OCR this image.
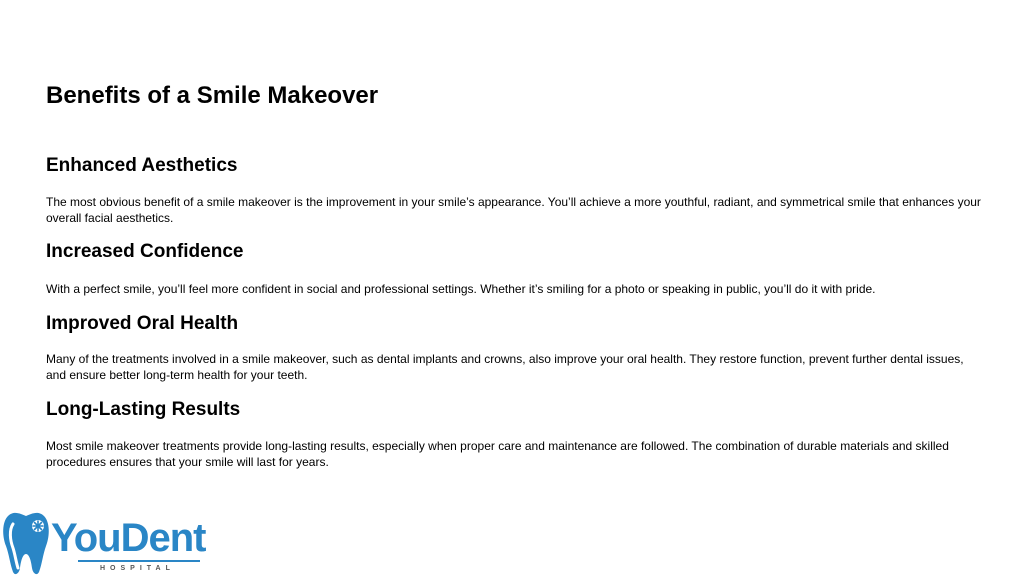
Benefits of a Smile Makeover
Enhanced Aesthetics

The most obvious benefit of a smile makeover is the improvement in your smile’s appearance. You’ll achieve a more youthful, radiant, and symmetrical smile that enhances your overall facial aesthetics.

Increased Confidence

With a perfect smile, you’ll feel more confident in social and professional settings. Whether it’s smiling for a photo or speaking in public, you’ll do it with pride.

Improved Oral Health

Many of the treatments involved in a smile makeover, such as dental implants and crowns, also improve your oral health. They restore function, prevent further dental issues, and ensure better long-term health for your teeth.

Long-Lasting Results

Most smile makeover treatments provide long-lasting results, especially when proper care and maintenance are followed. The combination of durable materials and skilled procedures ensures that your smile will last for years.

YouDent
HOSPITAL
